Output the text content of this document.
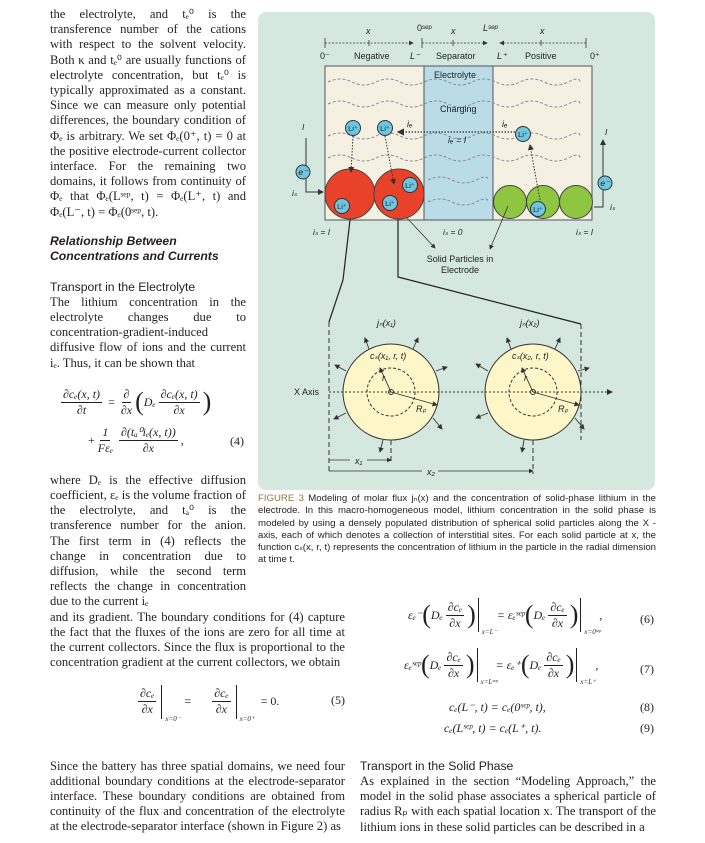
the electrolyte, and tₑ⁰ is the transference number of the cations with respect to the solvent velocity. Both κ and tₑ⁰ are usually functions of electrolyte concentration, but tₑ⁰ is typically approximated as a constant. Since we can measure only potential differences, the boundary condition of Φₑ is arbitrary. We set Φₑ(0⁺, t) = 0 at the positive electrode-current collector interface. For the remaining two domains, it follows from continuity of Φₑ that Φₑ(Lˢᵉᵖ, t) = Φₑ(L⁺, t) and Φₑ(L⁻, t) = Φₑ(0ˢᵉᵖ, t).

Relationship Between Concentrations and Currents
Transport in the Electrolyte

The lithium concentration in the electrolyte changes due to concentration-gradient-induced diffusive flow of ions and the current iₑ. Thus, it can be shown that

$\frac{\text{∂cₑ(x, t)}}{\partial t}$ =
∂
∂x ( Dₑ
∂cₑ(x, t)
∂x )
+
1
Fεₑ
∂(tₐ⁰iₑ(x, t))
∂x
,	(4)

where Dₑ is the effective diffusion coefficient, εₑ is the volume fraction of the electrolyte, and tₐ⁰ is the transference number for the anion. The first term in (4) reflects the change in concentration due to diffusion, while the second term reflects the change in concentration due to the current iₑ

and its gradient. The boundary conditions for (4) capture the fact that the fluxes of the ions are zero for all time at the current collectors. Since the flux is proportional to the concentration gradient at the current collectors, we obtain

∂cₑ
∂x
x=0⁻
= $\frac{\text{∂cₑ}}{\partial x}$
x=0⁺
= 0.	(5)

Since the battery has three spatial domains, we need four additional boundary conditions at the electrode-separator interface. These boundary conditions are obtained from continuity of the flux and concentration of the electrolyte at the electrode-separator interface (shown in Figure 2) as

εₑ⁻ ( Dₑ
∂cₑ
∂x )
x=L⁻
= εₑˢᵉᵖ ( Dₑ
∂cₑ
∂x )
x=0ˢᵉᵖ
,	(6)
εₑˢᵉᵖ ( Dₑ
∂cₑ
∂x )
x=Lˢᵉᵖ
= εₑ⁺ ( Dₑ
∂cₑ
∂x )
x=L⁺
,	(7)
cₑ(L⁻, t) = cₑ(0ˢᵉᵖ, t),	(8)
cₑ(Lˢᵉᵖ, t) = cₑ(L⁺, t).	(9)
Transport in the Solid Phase

As explained in the section “Modeling Approach,” the model in the solid phase associates a spherical particle of radius Rₚ with each spatial location x. The transport of the lithium ions in these solid particles can be described in a

x	0ˢᵉᵖ x	Lˢᵉᵖ	x
0⁻	Negative L⁻ Separator L⁺ Positive	0⁺
Electrolyte
Charging
iₑ = I
iₑ	iₑ
Li⁺	Li⁺
Li⁺
Li⁺	Li⁺
Li⁺
Li⁺
e⁻
e⁻
I	I
iₛ
iₛ
iₛ = I	iₛ = 0	iₛ = I
Solid Particles in
Electrode
jₙ(x₁)	jₙ(x₂)
cₛ(x₁, r, t)	cₛ(x₂, r, t)
r	r
Rₚ	Rₚ
x₁
x₂
X Axis
FIGURE 3 Modeling of molar flux jₙ(x) and the concentration of solid-phase lithium in the electrode. In this macro-homogeneous model, lithium concentration in the solid phase is modeled by using a densely populated distribution of spherical solid particles along the X -axis, each of which denotes a collection of interstitial sites. For each solid particle at x, the function cₛ(x, r, t) represents the concentration of lithium in the particle in the radial dimension at time t.
